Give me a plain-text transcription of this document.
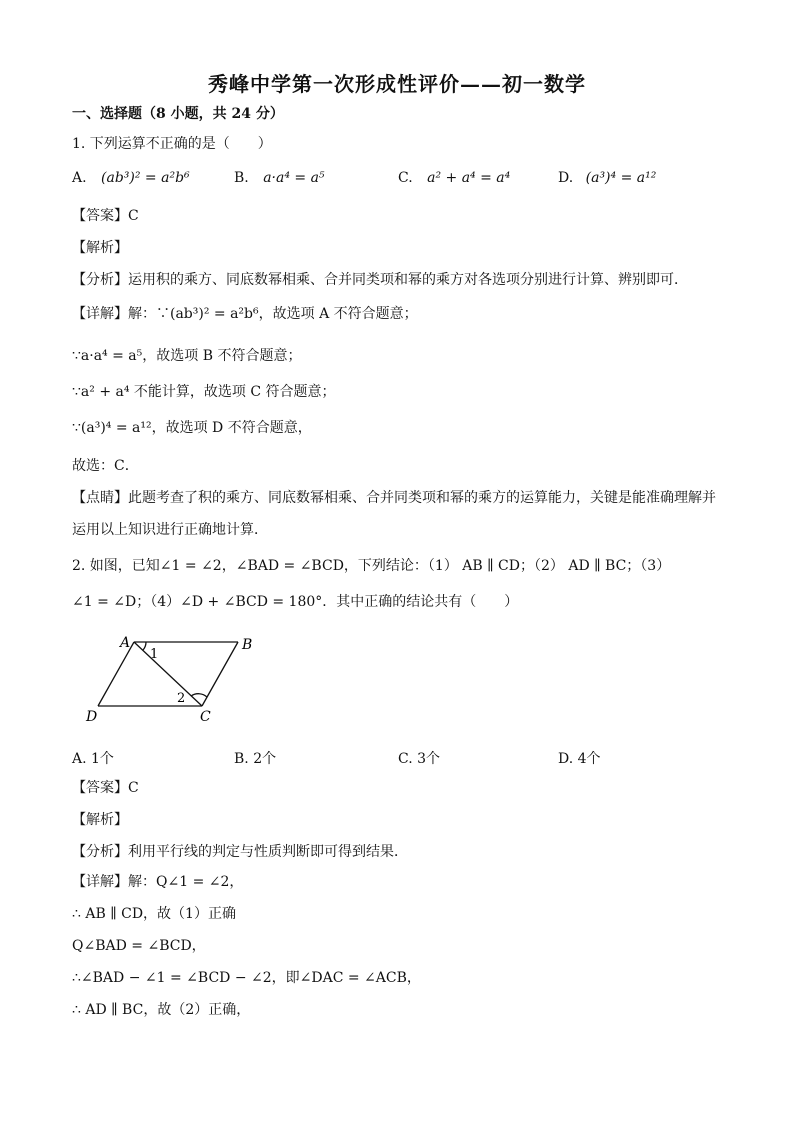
秀峰中学第一次形成性评价——初一数学
一、选择题（8 小题，共 24 分）
1. 下列运算不正确的是（　　）
A. (ab³)² = a²b⁶	B. a·a⁴ = a⁵	C. a² + a⁴ = a⁴	D. (a³)⁴ = a¹²
【答案】C
【解析】
【分析】运用积的乘方、同底数幂相乘、合并同类项和幂的乘方对各选项分别进行计算、辨别即可．
【详解】解：∵(ab³)² = a²b⁶，故选项 A 不符合题意；
∵a·a⁴ = a⁵，故选项 B 不符合题意；
∵a² + a⁴ 不能计算，故选项 C 符合题意；
∵(a³)⁴ = a¹²，故选项 D 不符合题意，
故选：C．
【点睛】此题考查了积的乘方、同底数幂相乘、合并同类项和幂的乘方的运算能力，关键是能准确理解并
运用以上知识进行正确地计算．
2. 如图，已知∠1 = ∠2，∠BAD = ∠BCD，下列结论：（1） AB ∥ CD；（2） AD ∥ BC；（3）
∠1 = ∠D；（4）∠D + ∠BCD = 180°．其中正确的结论共有（　　）
A	B
C
D
1
2
A. 1个	B. 2个	C. 3个	D. 4个
【答案】C
【解析】
【分析】利用平行线的判定与性质判断即可得到结果．
【详解】解：Q∠1 = ∠2，
∴ AB ∥ CD，故（1）正确
Q∠BAD = ∠BCD，
∴∠BAD − ∠1 = ∠BCD − ∠2，即∠DAC = ∠ACB，
∴ AD ∥ BC，故（2）正确，
